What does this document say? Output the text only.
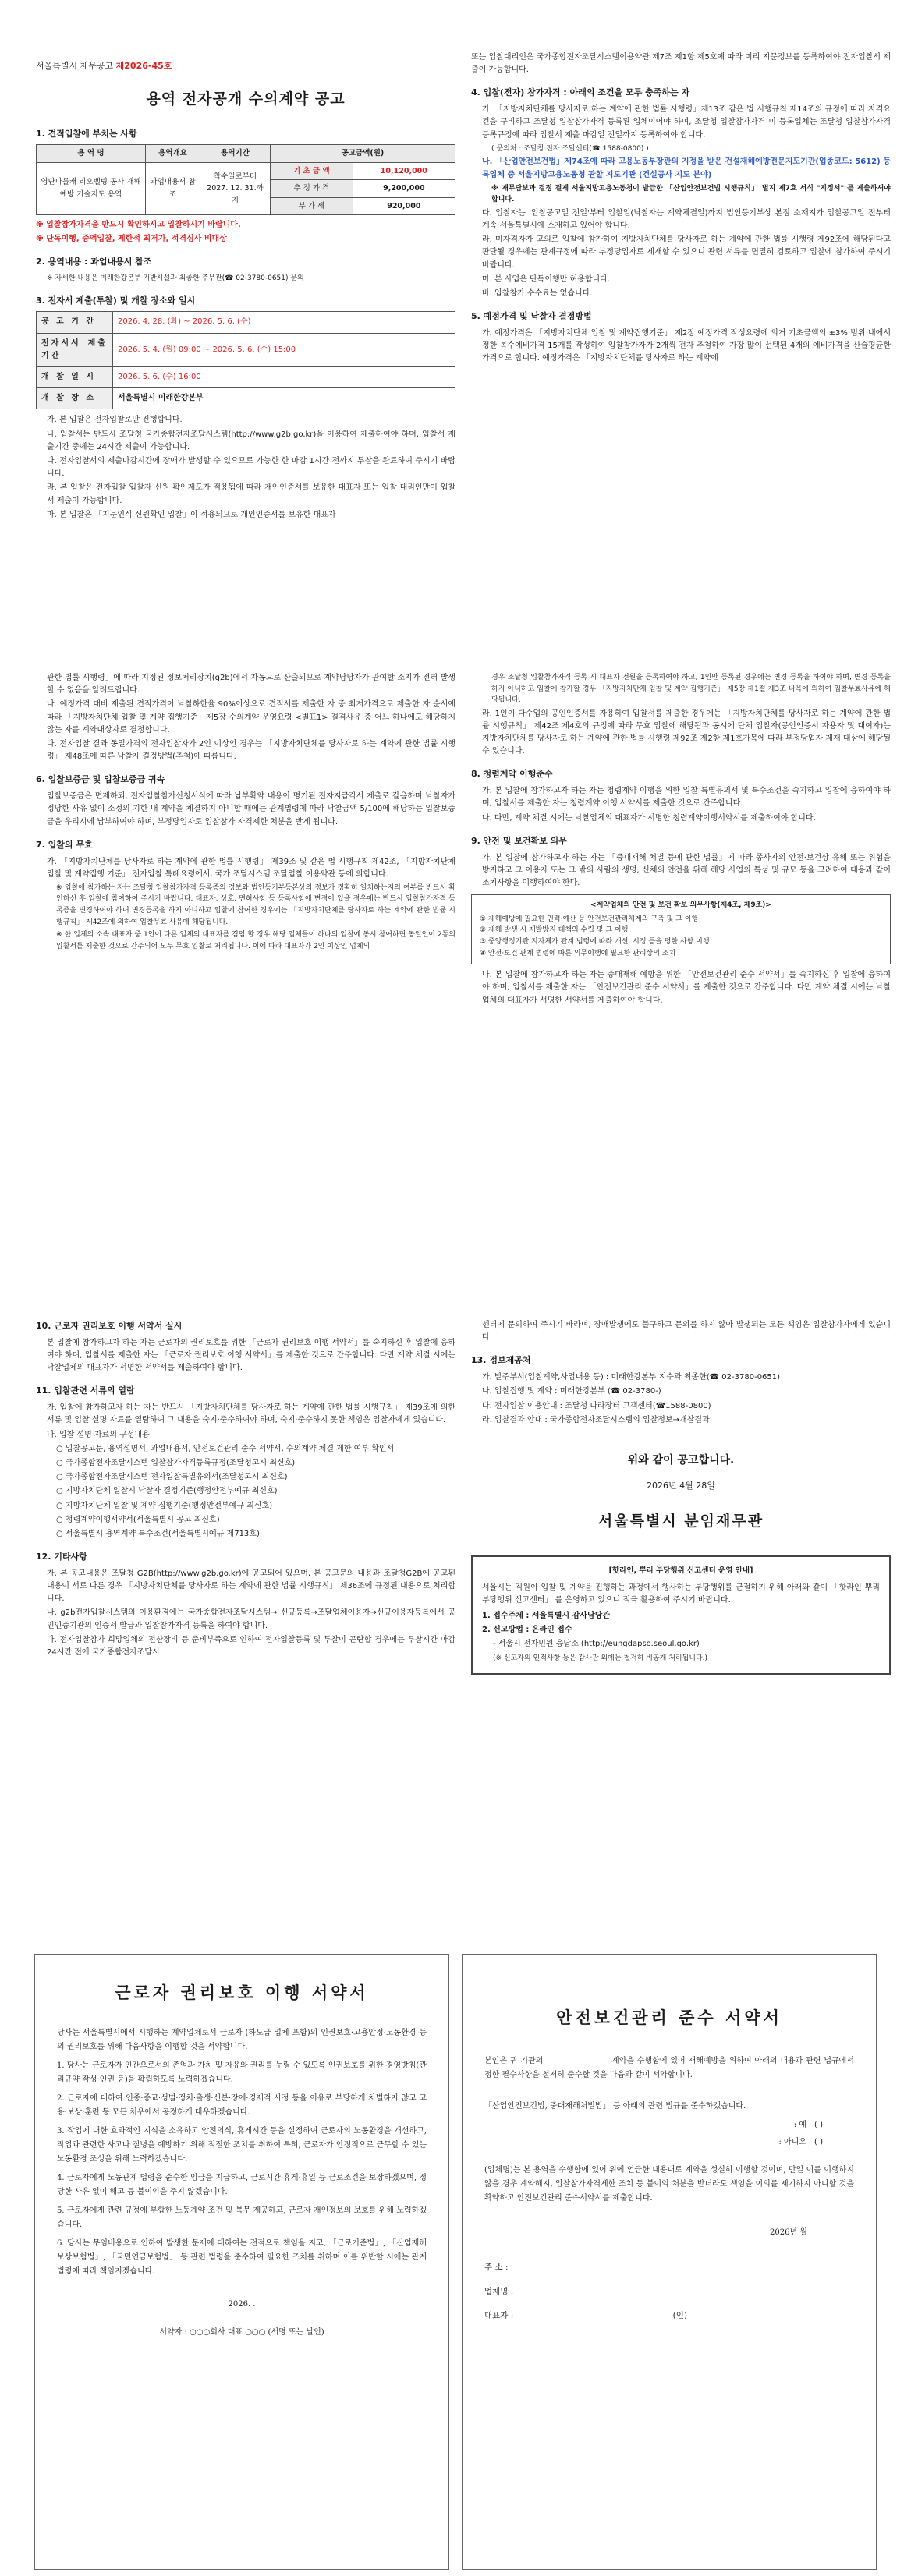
서울특별시 재무공고 제2026-45호
용역 전자공개 수의계약 공고
1. 견적입찰에 부치는 사항
용 역 명	용역개요	용역기간	공고금액(원)	
영단나룰캐 리오벨팅 공사 재해예방 기술지도 용역	과업내용서 참조	착수일로부터 2027. 12. 31.까지	기 초 금 액	10,120,000
			추 정 가 격	9,200,000
			부 가 세	920,000
※ 입찰참가자격을 반드시 확인하시고 입찰하시기 바랍니다.
※ 단독이행, 중액입찰, 제한적 최저가, 적격심사 비대상
2. 용역내용 : 과업내용서 참조
※ 자세한 내용은 미래한강본부 기반시설과 최종한 주무관(☎ 02-3780-0651) 문의
3. 전자서 제출(투찰) 및 개찰 장소와 일시
공 고 기 간	2026. 4. 28. (화) ~ 2026. 5. 6. (수)
전자서서 제출기간	2026. 5. 4. (월) 09:00 ~ 2026. 5. 6. (수) 15:00
개 찰 일 시	2026. 5. 6. (수) 16:00
개 찰 장 소	서울특별시 미래한강본부
가. 본 입찰은 전자입찰로만 진행합니다.
나. 입찰서는 반드시 조달청 국가종합전자조달시스템(http://www.g2b.go.kr)을 이용하여 제출하여야 하며, 입찰서 제출기간 중에는 24시간 제출이 가능합니다.
다. 전자입찰서의 제출마감시간에 장애가 발생할 수 있으므로 가능한 한 마감 1시간 전까지 투찰을 완료하여 주시기 바랍니다.
라. 본 입찰은 전자입찰 입찰자 신원 확인제도가 적용됨에 따라 개인인증서를 보유한 대표자 또는 입찰 대리인만이 입찰서 제출이 가능합니다.
마. 본 입찰은 「지문인식 신원확인 입찰」이 적용되므로 개인인증서를 보유한 대표자
또는 입찰대리인은 국가종합전자조달시스템이용약관 제7조 제1항 제5호에 따라 미리 지문정보를 등록하여야 전자입찰서 제출이 가능합니다.
4. 입찰(전자) 참가자격 : 아래의 조건을 모두 충족하는 자
가. 「지방자치단체를 당사자로 하는 계약에 관한 법률 시행령」제13조 같은 법 시행규칙 제14조의 규정에 따라 자격요건을 구비하고 조달청 입찰참가자격 등록된 업체이어야 하며, 조달청 입찰참가자격 미 등록업체는 조달청 입찰참가자격 등록규정에 따라 입찰서 제출 마감일 전일까지 등록하여야 합니다.
( 문의처 : 조달청 전자 조달센터(☎ 1588-0800) )
나. 「산업안전보건법」제74조에 따라 고용노동부장관의 지정을 받은 건설재해예방전문지도기관(업종코드: 5612) 등록업체 중 서울지방고용노동청 관할 지도기관 (건설공사 지도 분야)
※ 재무담보과 결정 결제 서울지방고용노동청이 발급한 「산업안전보건법 시행규칙」 별지 제7호 서식 "지정서" 를 제출하셔야 합니다.
다. 입찰자는 '입찰공고일 전일'부터 입찰일(낙찰자는 계약체결일)까지 법인등기부상 본점 소재지가 입찰공고일 전부터 계속 서울특별시에 소재하고 있어야 합니다.
라. 미자격자가 고의로 입찰에 참가하여 지방자치단체를 당사자로 하는 계약에 관한 법률 시행령 제92조에 해당된다고 판단될 경우에는 관계규정에 따라 부정당업자로 제재할 수 있으니 관련 서류를 면밀히 검토하고 입찰에 참가하여 주시기 바랍니다.
마. 본 사업은 단독이행만 허용합니다.
바. 입찰참가 수수료는 없습니다.
5. 예정가격 및 낙찰자 결정방법
가. 예정가격은 「지방자치단체 입찰 및 계약집행기준」 제2장 예정가격 작성요령에 의거 기초금액의 ±3% 범위 내에서 정한 복수예비가격 15개를 작성하여 입찰참가자가 2개씩 전자 추첨하여 가장 많이 선택된 4개의 예비가격을 산술평균한 가격으로 합니다. 예정가격은 「지방자치단체를 당사자로 하는 계약에
관한 법률 시행령」에 따라 지정된 정보처리장치(g2b)에서 자동으로 산출되므로 계약담당자가 관여할 소지가 전혀 발생할 수 없음을 알려드립니다.
나. 예정가격 대비 제출된 견적가격이 낙찰하한율 90%이상으로 견적서를 제출한 자 중 최저가격으로 제출한 자 순서에 따라 「지방자치단체 입찰 및 계약 집행기준」제5장 수의계약 운영요령 <별표1> 결격사유 중 어느 하나에도 해당하지 않는 자를 계약대상자로 결정합니다.
다. 전자입찰 결과 동일가격의 전자입찰자가 2인 이상인 경우는 「지방자치단체를 당사자로 하는 계약에 관한 법률 시행령」 제48조에 따른 낙찰자 결정방법(추첨)에 따릅니다.
6. 입찰보증금 및 입찰보증금 귀속
입찰보증금은 면제하되, 전자입찰참가신청서식에 따라 납부확약 내용이 명기된 전자지급각서 제출로 갈음하며 낙찰자가 정당한 사유 없이 소정의 기한 내 계약을 체결하지 아니할 때에는 관계법령에 따라 낙찰금액 5/100에 해당하는 입찰보증금을 우리시에 납부하여야 하며, 부정당업자로 입찰참가 자격제한 처분을 받게 됩니다.
7. 입찰의 무효
가. 「지방자치단체를 당사자로 하는 계약에 관한 법률 시행령」 제39조 및 같은 법 시행규칙 제42조, 「지방자치단체 입찰 및 계약집행 기준」 전자입찰 특례요령에서, 국가 조달시스템 조달업찰 이용약관 등에 의합니다.
※ 입찰에 참가하는 자는 조달청 입찰참가자격 등록증의 정보와 법인등기부등본상의 정보가 정확히 일치하는지의 여부를 반드시 확인하신 후 입찰에 참여하여 주시기 바랍니다. 대표자, 상호, 면허사항 등 등록사항에 변경이 있을 경우에는 반드시 입찰참가자격 등록증을 변경하여야 하며 변경등록을 하지 아니하고 입찰에 참여한 경우에는 「지방자치단체를 당사자로 하는 계약에 관한 법률 시행규칙」 제42조에 의하여 입찰무효 사유에 해당됩니다.
※ 한 업체의 소속 대표자 중 1인이 다른 업체의 대표자를 겸임 할 경우 해당 업체들이 하나의 입찰에 동시 참여하면 동일인이 2통의 입찰서를 제출한 것으로 간주되어 모두 무효 입찰로 처리됩니다. 이에 따라 대표자가 2인 이상인 업체의
경우 조달청 입찰참가자격 등록 시 대표자 전원을 등록하여야 하고, 1인만 등록된 경우에는 변경 등록을 하여야 하며, 변경 등록을 하지 아니하고 입찰에 참가할 경우 「지방자치단체 입찰 및 계약 집행기준」 제5장 제1절 제3조 나목에 의하여 입찰무효사유에 해당됩니다.
라. 1인이 다수업의 공인인증서를 자용하여 입찰서를 제출한 경우에는 「지방자치단체를 당사자로 하는 계약에 관한 법률 시행규칙」 제42조 제4호의 규정에 따라 무효 입찰에 해당됨과 동시에 단체 입찰자(공인인증서 자용자 및 대여자)는 지방자치단체를 당사자로 하는 계약에 관한 법률 시행령 제92조 제2항 제1호가목에 따라 부정당업자 제재 대상에 해당될 수 있습니다.
8. 청렴계약 이행준수
가. 본 입찰에 참가하고자 하는 자는 청렴계약 이행을 위한 입찰 특별유의서 및 특수조건을 숙지하고 입찰에 응하여야 하며, 입찰서를 제출한 자는 청렴계약 이행 서약서를 제출한 것으로 간주합니다.
나. 다만, 계약 체결 시에는 낙찰업체의 대표자가 서명한 청렴계약이행서약서를 제출하여야 합니다.
9. 안전 및 보건확보 의무
가. 본 입찰에 참가하고자 하는 자는 「중대재해 처벌 등에 관한 법률」에 따라 종사자의 안전·보건상 유해 또는 위험을 방지하고 그 이용자 또는 그 밖의 사람의 생명, 신체의 안전을 위해 해당 사업의 특성 및 규모 등을 고려하여 대응과 같이 조치사항을 이행하여야 한다.
<계약업체의 안전 및 보건 확보 의무사항(제4조, 제9조)>
① 재해예방에 필요한 인력·예산 등 안전보건관리체계의 구축 및 그 이행
② 재해 발생 시 재발방지 대책의 수립 및 그 이행
③ 중앙행정기관·지자체가 관계 법령에 따라 개선, 시정 등을 명한 사항 이행
④ 안전·보건 관계 법령에 따른 의무이행에 필요한 관리상의 조치
나. 본 입찰에 참가하고자 하는 자는 중대재해 예방을 위한 「안전보건관리 준수 서약서」를 숙지하신 후 입찰에 응하여야 하며, 입찰서를 제출한 자는 「안전보건관리 준수 서약서」를 제출한 것으로 간주합니다. 다만 계약 체결 시에는 낙찰업체의 대표자가 서명한 서약서를 제출하여야 합니다.
10. 근로자 권리보호 이행 서약서 실시
본 입찰에 참가하고자 하는 자는 근로자의 권리보호를 위한 「근로자 권리보호 이행 서약서」를 숙지하신 후 입찰에 응하여야 하며, 입찰서를 제출한 자는 「근로자 권리보호 이행 서약서」를 제출한 것으로 간주합니다. 다만 계약 체결 시에는 낙찰업체의 대표자가 서명한 서약서를 제출하여야 합니다.
11. 입찰관련 서류의 열람
가. 입찰에 참가하고자 하는 자는 반드시 「지방자치단체를 당사자로 하는 계약에 관한 법률 시행규칙」 제39조에 의한 서류 및 입찰 설명 자료를 열람하여 그 내용을 숙지·준수하여야 하며, 숙지·준수하지 못한 책임은 입찰자에게 있습니다.
나. 입찰 설명 자료의 구성내용
○ 입찰공고문, 용역설명서, 과업내용서, 안전보건관리 준수 서약서, 수의계약 체결 제한 여부 확인서
○ 국가종합전자조달시스템 입찰참가자격등록규정(조달청고시 최신호)
○ 국가종합전자조달시스템 전자입찰특별유의서(조달청고시 최신호)
○ 지방자치단체 입찰시 낙찰자 결정기준(행정안전부예규 최신호)
○ 지방자치단체 입찰 및 계약 집행기준(행정안전부예규 최신호)
○ 청렴계약이행서약서(서울특별시 공고 최신호)
○ 서울특별시 용역계약 특수조건(서울특별시예규 제713호)
12. 기타사항
가. 본 공고내용은 조달청 G2B(http://www.g2b.go.kr)에 공고되어 있으며, 본 공고문의 내용과 조달청G2B에 공고된 내용이 서로 다른 경우 「지방자치단체를 당사자로 하는 계약에 관한 법률 시행규칙」 제36조에 규정된 내용으로 처리합니다.
나. g2b전자입찰시스템의 이용환경에는 국가종합전자조달시스템→ 신규등록→조달업체이용자→신규이용자등록에서 공인인증기관의 인증서 발급과 입찰참가자격 등록을 하여야 합니다.
다. 전자입찰참가 희망업체의 전산장비 등 준비부족으로 인하여 전자입찰등록 및 투찰이 곤란할 경우에는 투찰시간 마감 24시간 전에 국가종합전자조달시
센터에 문의하여 주시기 바라며, 장애발생에도 불구하고 문의를 하지 않아 발생되는 모든 책임은 입찰참가자에게 있습니다.
13. 정보제공처
가. 발주부서(입찰계약,사업내용 등) : 미래한강본부 지수과 최종한(☎ 02-3780-0651)
나. 입찰집행 및 계약 : 미래한강본부 (☎ 02-3780-)
다. 전자입찰 이용안내 : 조달청 나라장터 고객센터(☎1588-0800)
라. 입찰결과 안내 : 국가종합전자조달시스템의 입찰정보→개찰결과
위와 같이 공고합니다.
2026년 4월 28일
서울특별시 분임재무관
[핫라인, 뿌리 부당행위 신고센터 운영 안내]
서울시는 직원이 입찰 및 계약을 진행하는 과정에서 행사하는 부당행위를 근절하기 위해 아래와 같이 「핫라인 뿌리 부당행위 신고센터」 를 운영하고 있으니 적극 활용하여 주시기 바랍니다.
1. 접수주체 : 서울특별시 감사담당관
2. 신고방법 : 온라인 접수
- 서울시 전자민원 응답소 (http://eungdapso.seoul.go.kr)
(※ 신고자의 인적사항 등은 감사관 외에는 철저히 비공개 처리됩니다.)
근로자 권리보호 이행 서약서
당사는 서울특별시에서 시행하는 계약업체로서 근로자 (하도급 업체 포함)의 인권보호·고용안정·노동환경 등의 권리보호를 위해 다음사항을 이행할 것을 서약합니다.
1. 당사는 근로자가 인간으로서의 존엄과 가치 및 자유와 권리를 누릴 수 있도록 인권보호를 위한 경영방침(관리규약 작성·인권 등)을 확립하도록 노력하겠습니다.
2. 근로자에 대하여 인종·종교·성별·정치·출생·신분·장애·경제적 사정 등을 이유로 부당하게 차별하지 않고 고용·보상·훈련 등 모든 처우에서 공정하게 대우하겠습니다.
3. 작업에 대한 효과적인 지식을 소유하고 안전의식, 휴게시간 등을 설정하여 근로자의 노동환경을 개선하고, 작업과 관련한 사고나 질병을 예방하기 위해 적절한 조치를 취하여 특히, 근로자가 안정적으로 근무할 수 있는 노동환경 조성을 위해 노력하겠습니다.
4. 근로자에게 노동관계 법령을 준수한 임금을 지급하고, 근로시간·휴게·휴일 등 근로조건을 보장하겠으며, 정당한 사유 없이 해고 등 불이익을 주지 않겠습니다.
5. 근로자에게 관련 규정에 부합한 노동계약 조건 및 복무 제공하고, 근로자 개인정보의 보호를 위해 노력하겠습니다.
6. 당사는 무임비용으로 인하여 발생한 문제에 대하여는 전적으로 책임을 지고, 「근로기준법」, 「산업재해보상보험법」, 「국민연금보험법」 등 관련 법령을 준수하여 필요한 조치를 취하며 이를 위반할 시에는 관계법령에 따라 책임지겠습니다.
2026. .
서약자 : ○○○회사 대표 ○○○ (서명 또는 날인)
안전보건관리 준수 서약서
본인은 귀 기관의 ________________ 계약을 수행함에 있어 재해예방을 위하여 아래의 내용과 관련 법규에서 정한 필수사항을 철저히 준수할 것을 다음과 같이 서약합니다.
「산업안전보건법, 중대재해처벌법」 등 아래의 관련 법규를 준수하겠습니다.
: 예 ( )
: 아니오 ( )
(업체명)는 본 용역을 수행함에 있어 위에 언급한 내용대로 계약을 성실히 이행할 것이며, 만일 이를 이행하지 않을 경우 계약해지, 입찰참가자격제한 조치 등 불이익 처분을 받더라도 책임을 이의를 제기하지 아니할 것을 확약하고 안전보건관리 준수서약서를 제출합니다.
2026년 월
주 소 :	
업체명 :	
대표자 :	(인)
